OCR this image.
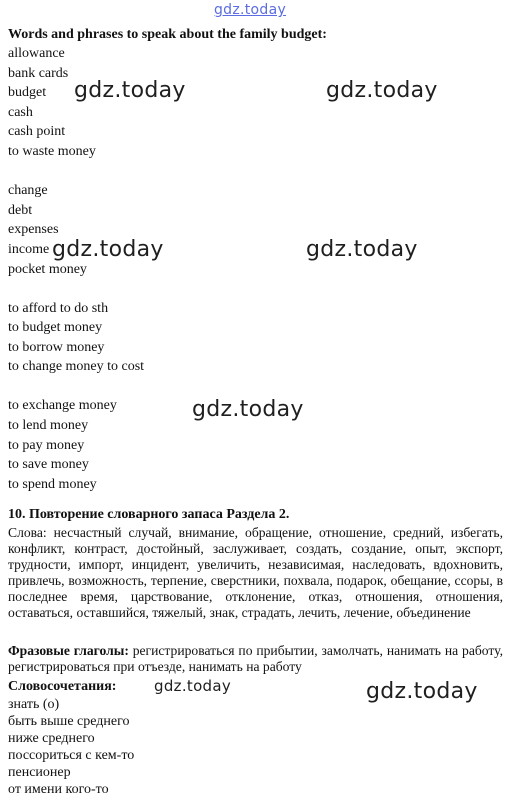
gdz.today
gdz.today	gdz.today
gdz.today	gdz.today
gdz.today
gdz.today	gdz.today

Words and phrases to speak about the family budget:

allowance

bank cards

budget

cash

cash point

to waste money

change

debt

expenses

income

pocket money

to afford to do sth

to budget money

to borrow money

to change money to cost

to exchange money

to lend money

to pay money

to save money

to spend money

10. Повторение словарного запаса Раздела 2.

Слова: несчастный случай, внимание, обращение, отношение, средний, избегать, конфликт, контраст, достойный, заслуживает, создать, создание, опыт, экспорт, трудности, импорт, инцидент, увеличить, независимая, наследовать, вдохновить, привлечь, возможность, терпение, сверстники, похвала, подарок, обещание, ссоры, в последнее время, царствование, отклонение, отказ, отношения, отношения, оставаться, оставшийся, тяжелый, знак, страдать, лечить, лечение, объединение

Фразовые глаголы: регистрироваться по прибытии, замолчать, нанимать на работу, регистрироваться при отъезде, нанимать на работу

Словосочетания:

знать (о)

быть выше среднего

ниже среднего

поссориться с кем-то

пенсионер

от имени кого-то
